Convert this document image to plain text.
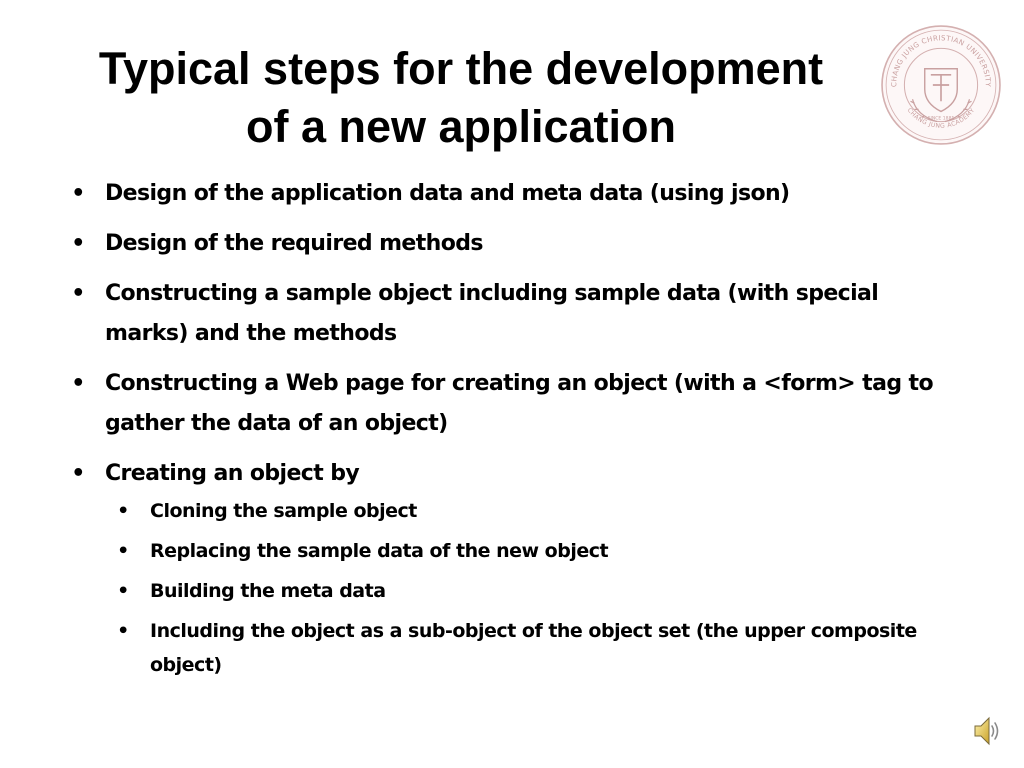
Typical steps for the development
of a new application
CHANG JUNG CHRISTIAN UNIVERSITY
CHANG JUNG ACADEMY
SINCE 1885
• Design of the application data and meta data (using json)
• Design of the required methods
• Constructing a sample object including sample data (with special marks) and the methods
• Constructing a Web page for creating an object (with a <form> tag to gather the data of an object)
• Creating an object by
• Cloning the sample object
• Replacing the sample data of the new object
• Building the meta data
• Including the object as a sub-object of the object set (the upper composite object)
